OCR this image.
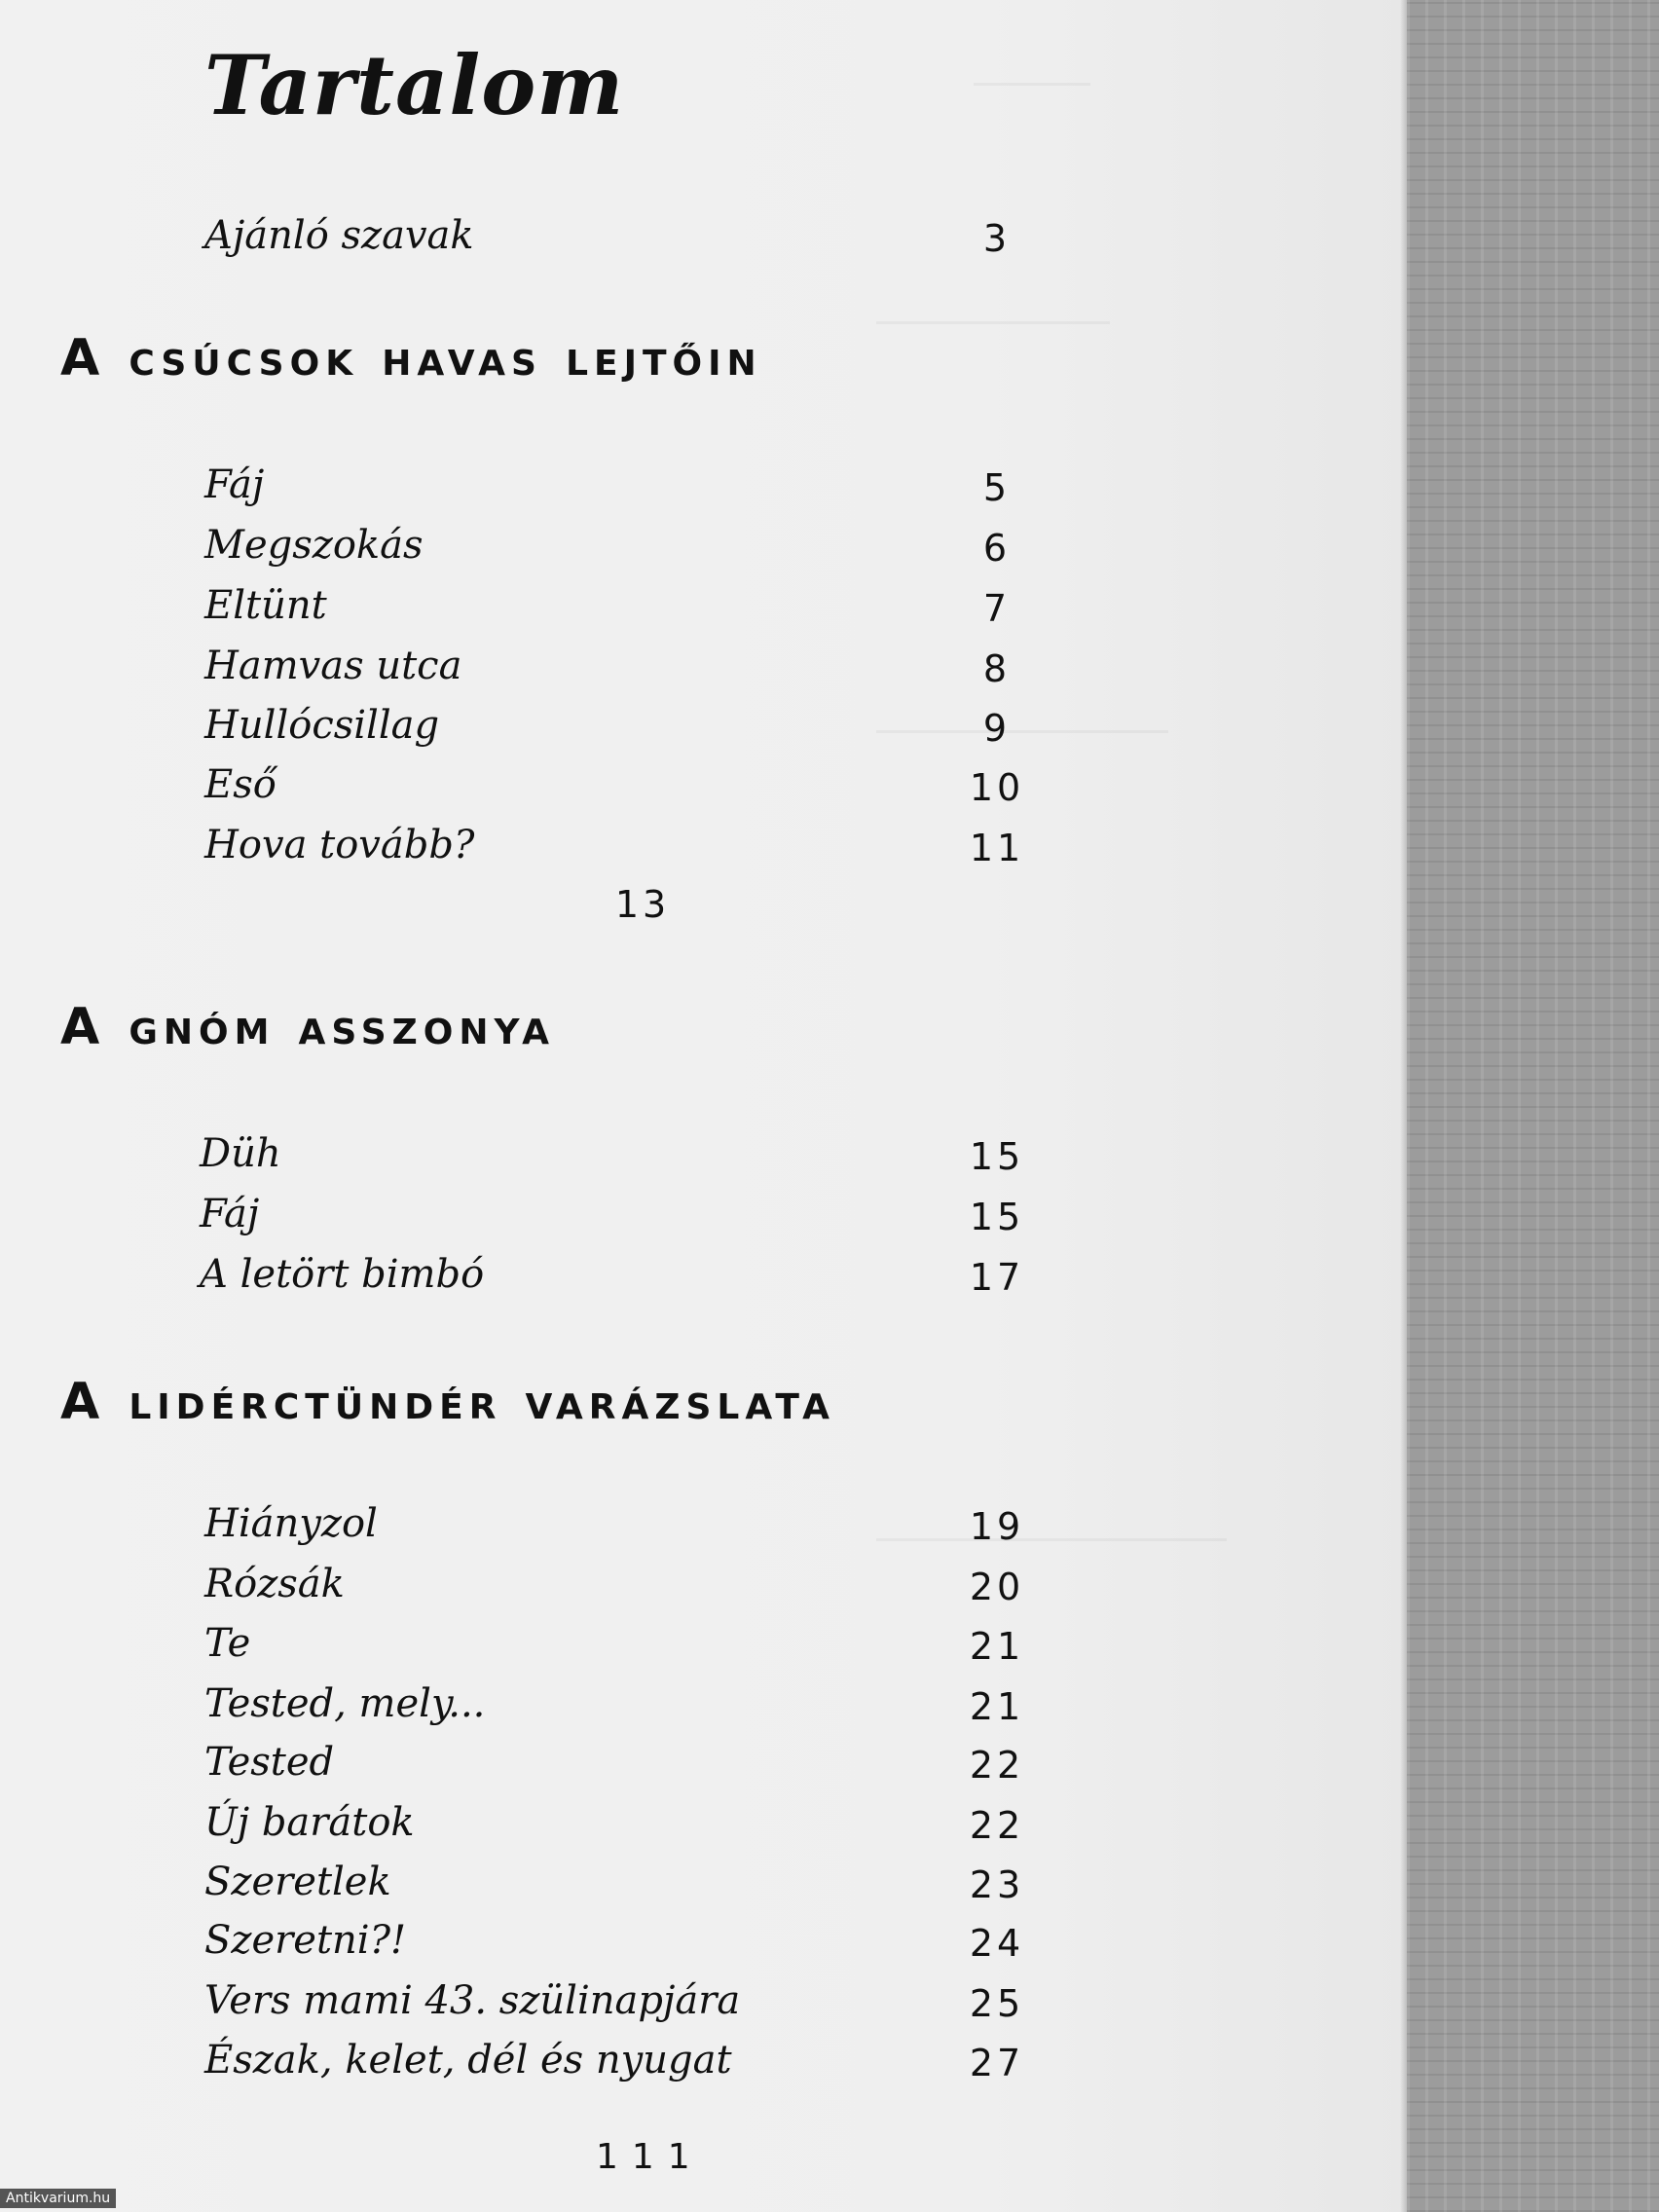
Tartalom
Ajánló szavak	3
A csúcsok havas lejtőin
Fáj	5
Megszokás	6
Eltünt	7
Hamvas utca	8
Hullócsillag	9
Eső	10
Hova tovább?	11
13
A gnóm asszonya
Düh	15
Fáj	15
A letört bimbó	17
A lidérctündér varázslata
Hiányzol	19
Rózsák	20
Te	21
Tested, mely...	21
Tested	22
Új barátok	22
Szeretlek	23
Szeretni?!	24
Vers mami 43. szülinapjára	25
Észak, kelet, dél és nyugat	27
111
Antikvarium.hu
